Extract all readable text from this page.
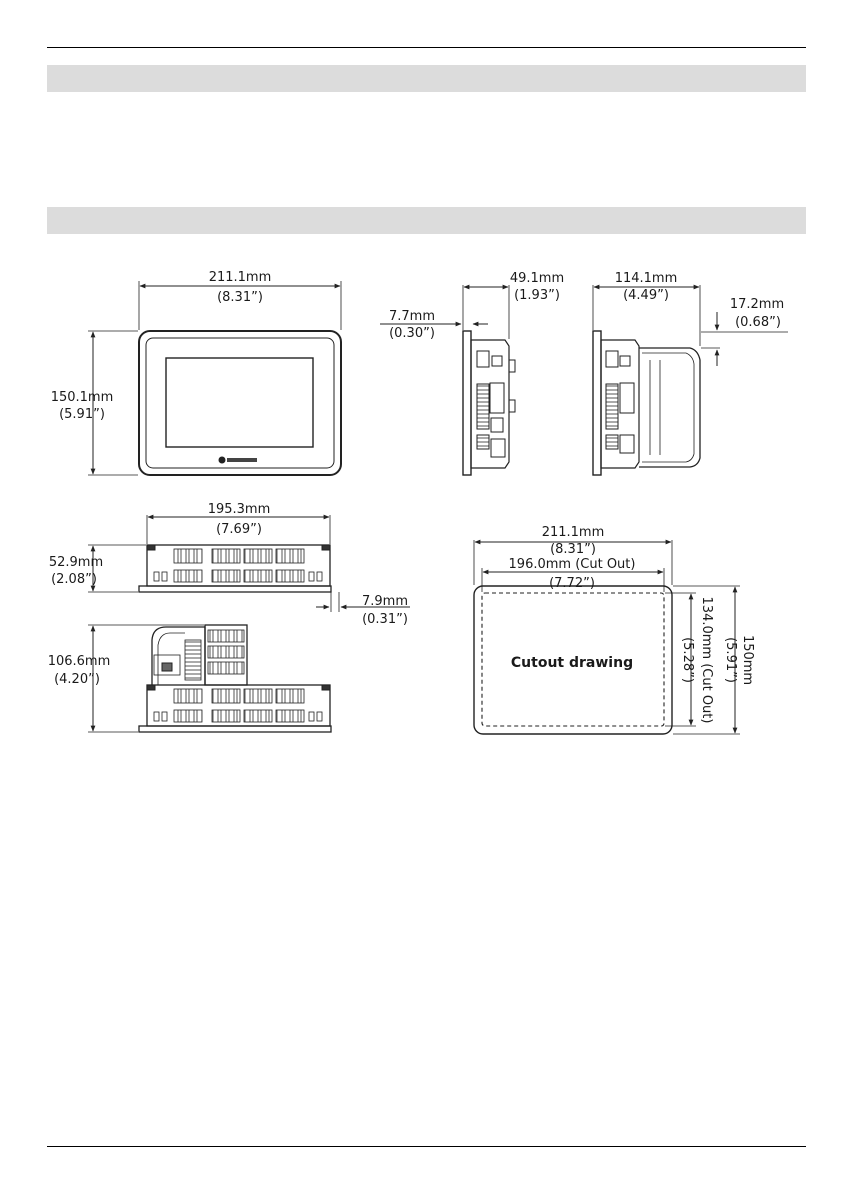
211.1mm
(8.31”)
150.1mm
(5.91”)
49.1mm
(1.93”)
7.7mm
(0.30”)
114.1mm
(4.49”)
17.2mm
(0.68”)
195.3mm
(7.69”)
52.9mm
(2.08”)
7.9mm
(0.31”)
106.6mm
(4.20”)
211.1mm
(8.31”)
196.0mm (Cut Out)
(7.72”)
Cutout drawing	134.0mm (Cut Out)
(5.28”)	150mm
(5.91”)
